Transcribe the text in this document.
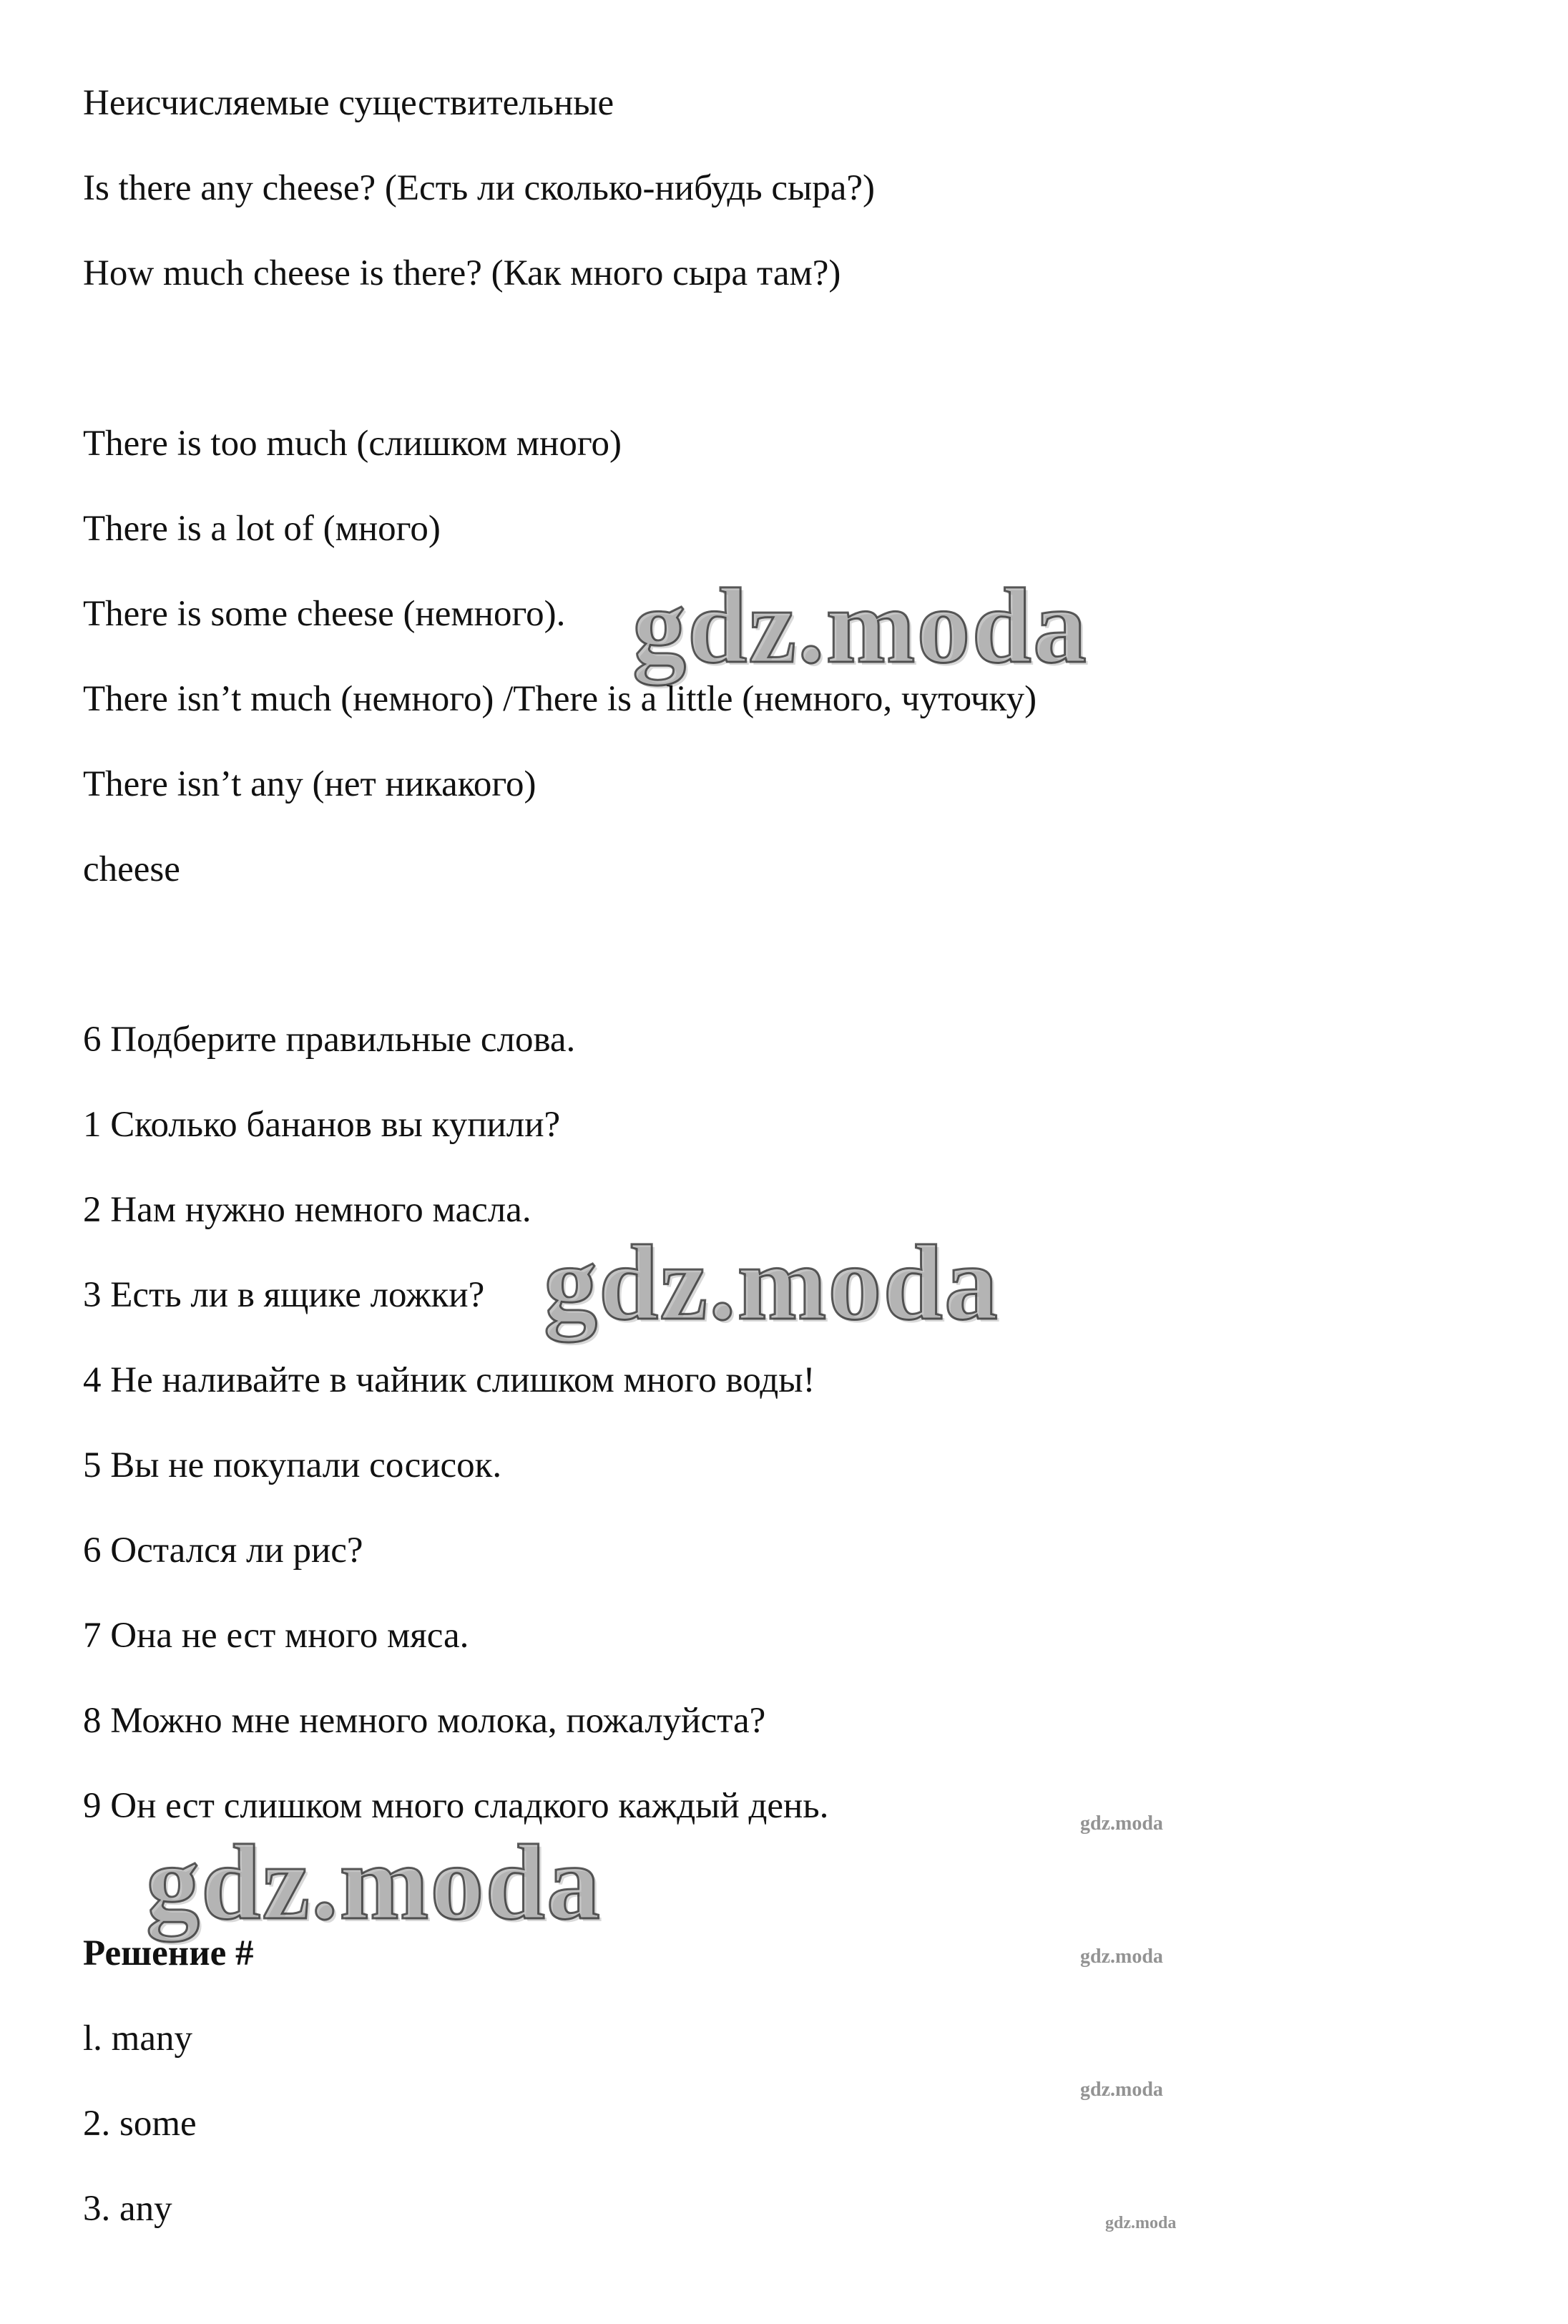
Неисчисляемые существительные
Is there any cheese? (Есть ли сколько-нибудь сыра?)
How much cheese is there? (Как много сыра там?)
There is too much (слишком много)
There is a lot of (много)
There is some cheese (немного).
There isn’t much (немного) /There is a little (немного, чуточку)
There isn’t any (нет никакого)
cheese
6 Подберите правильные слова.
1 Сколько бананов вы купили?
2 Нам нужно немного масла.
3 Есть ли в ящике ложки?
4 Не наливайте в чайник слишком много воды!
5 Вы не покупали сосисок.
6 Остался ли рис?
7 Она не ест много мяса.
8 Можно мне немного молока, пожалуйста?
9 Он ест слишком много сладкого каждый день.
Решение #
l. many
2. some
3. any
gdz.moda
gdz.moda
gdz.moda	gdz.moda
gdz.moda
gdz.moda
gdz.moda
